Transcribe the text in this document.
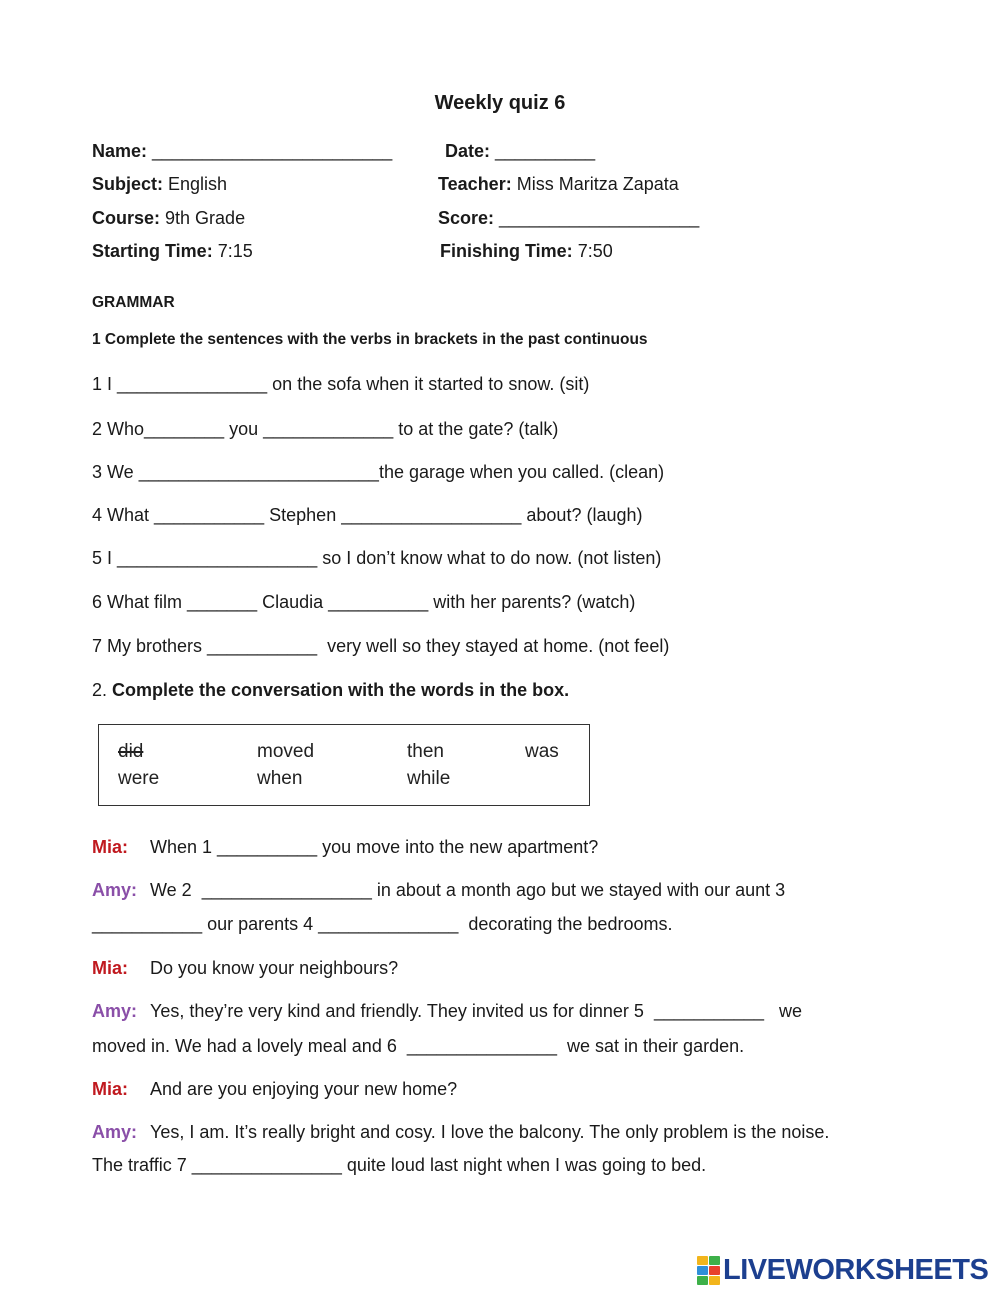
Weekly quiz 6
Name: ________________________	Date: __________
Subject: English	Teacher: Miss Maritza Zapata
Course: 9th Grade	Score: ____________________
Starting Time: 7:15	Finishing Time: 7:50
GRAMMAR
1 Complete the sentences with the verbs in brackets in the past continuous
1 I _______________ on the sofa when it started to snow. (sit)
2 Who________ you _____________ to at the gate? (talk)
3 We ________________________the garage when you called. (clean)
4 What ___________ Stephen __________________ about? (laugh)
5 I ____________________ so I don’t know what to do now. (not listen)
6 What film _______ Claudia __________ with her parents? (watch)
7 My brothers ___________  very well so they stayed at home. (not feel)
2. Complete the conversation with the words in the box.
did	moved	then	was
were	when	while
Mia: When 1 __________ you move into the new apartment?
Amy: We 2  _________________ in about a month ago but we stayed with our aunt 3
___________ our parents 4 ______________  decorating the bedrooms.
Mia: Do you know your neighbours?
Amy: Yes, they’re very kind and friendly. They invited us for dinner 5  ___________   we
moved in. We had a lovely meal and 6  _______________  we sat in their garden.
Mia: And are you enjoying your new home?
Amy: Yes, I am. It’s really bright and cosy. I love the balcony. The only problem is the noise.
The traffic 7 _______________ quite loud last night when I was going to bed.
LIVEWORKSHEETS
